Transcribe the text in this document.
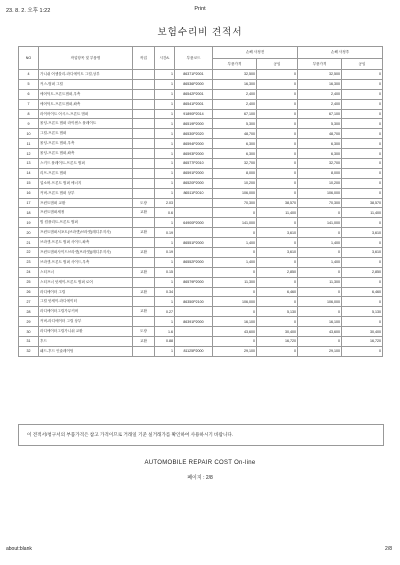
23. 8. 2. 오후 1:22	Print
보험수리비 견적서
NO	작업항목 및 부품명	작업	시간/L	부품코드	손해 사정전		손해 사정후	
					부품가격	공임	부품가격	공임
4	가니쉬 어셈블리-라디에이트 그릴,상부		1	86371P2001	32,500	0	32,500	0
5	커스-범퍼 그릴		1	86536P2000	16,300	0	16,300	0
6	에어덕트-프론트범퍼,우측		1	86542P2001	2,400	0	2,400	0
7	에어덕트-프론트범퍼,좌측		1	86541P2001	2,400	0	2,400	0
8	라이어이트 어시스-프론트 범퍼		1	91890P2014	67,100	0	67,100	0
9	몰딩-프론트 범퍼 라이센스 플레이트		1	86519P2000	5,300	0	5,300	0
10	그릴-프론트 범퍼		1	86530P2020	48,700	0	48,700	0
11	몰딩-프론트 범퍼,우측		1	86594P2000	6,300	0	6,300	0
12	몰딩-프론트 범퍼,좌측		1	86593P2000	6,300	0	6,300	0
13	스키드 플레이트-프론트 범퍼		1	86577P2010	32,700	0	32,700	0
14	리프-프론트 범퍼		1	86591P2000	8,000	0	8,000	0
15	업소버-프론트 범퍼 에너지		1	86520P2000	10,200	0	10,200	0
16	커버-프론트 범퍼 상부		1	86511P2010	106,000	0	106,000	0
17	프런트범퍼 교환	도장	2.03		70,300	38,570	70,300	38,570
18	프런트범퍼세정	교환	0.6		0	11,400	0	11,400
19	빔 컴플리트-프론트 범퍼		1	64900P2000	141,000	0	141,000	0
20	프런트범퍼서포트(브라켓)브라켓(레디우지사)	교환	0.19		0	3,610	0	3,610
21	브라켓-프론트 범퍼 사이드,좌측		1	86551P2000	1,400	0	1,400	0
22	프런트범퍼사이드브라켓(브라켓)(레디우지사)	교환	0.19		0	3,610	0	3,610
23	브라켓-프론트 범퍼 사이드,우측		1	86552P2000	1,400	0	1,400	0
24	스티프너	교환	0.15		0	2,850	0	2,850
25	스티프너 앗세이-프론트 범퍼 로어		1	86579P2000	11,300	0	11,300	0
26	라디에이터 그릴	교환	0.34		0	6,460	0	6,460
27	그릴 앗세이-라디에이터		1	86350P2100	106,000	0	106,000	0
28	라디에이터그릴가무커버	교환	0.27		0	5,130	0	5,130
29	커버-라디에이터 그릴 상부		1	86391P2000	16,100	0	16,100	0
30	라디에이터그릴가니쉬 교환	도장	1.6		43,600	30,400	43,600	30,400
31	후드	교환	0.88		0	16,720	0	16,720
32	패드-후드 인슐레이팅		1	81125P2000	29,100	0	29,100	0
이 견적서/청구서의 부품가격은 참고 가격이므로 거래일 기준 실거래가를 확인하여 사용하시기 바랍니다.
AUTOMOBILE REPAIR COST On-line
페이지 : 2/8
about:blank	2/8
